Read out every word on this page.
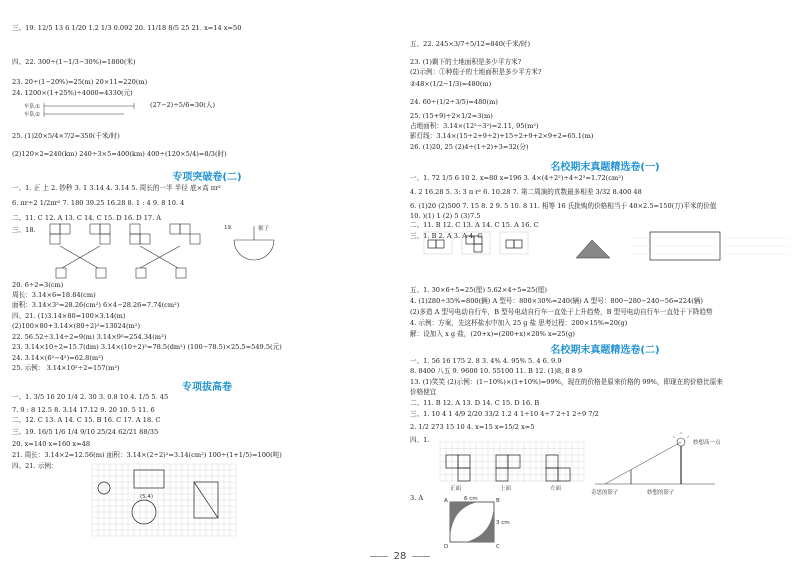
三、19. 12/5 13 6 1/20 1.2 1/3 0.092 20. 11/18 8/5 25 21. x=14 x=50
四、22. 300÷(1−1/3−30%)=1800(米)
23. 20÷(1−20%)=25(m) 20×11=220(m)
24. 1200×(1+25%)÷4000=4330(元)
车队①
车队②
(27−2)÷5/6=30(人)
25. (1)20×5/4×7/2=350(千米/时)
(2)120×2=240(km) 240÷3×5=400(km) 400÷(120×5/4)=8/3(时)
专项突破卷(二)
一、1. 正 上 2. 钞秒 3. 1 3.14 4. 3.14 5. 周长的一半 半径 底×高 πr²
6. πr÷2 1/2πr² 7. 180 39.25 16.28 8. 1 : 4 9. 8 10. 4
二、11. C 12. A 13. C 14. C 15. D 16. D 17. A
三、18.	19.	猴子
20. 6÷2=3(cm)
周长：3.14×6=18.84(cm)
面积：3.14×3²=28.26(cm²) 6×4−28.26=7.74(cm²)
四、21. (1)3.14×80=100×3.14(m)
(2)100×80+3.14×(80÷2)²=13024(m²)
22. 56.52÷3.14÷2=9(m) 3.14×9²=254.34(m²)
23. 3.14×10÷2=15.7(dm) 3.14×(10÷2)²=78.5(dm²) (100−78.5)×25.5=549.5(元)
24. 3.14×(6²−4²)=62.8(m²)
25. 示例： 3.14×10²÷2=157(m²)
专项拔高卷
一、1. 3/5 16 20 1/4 2. 30 3. 0.8 10 4. 1/5 5. 45
7. 9 : 8 12.5 8. 3.14 17.12 9. 20 10. 5 11. 6
二、12. C 13. A 14. C 15. B 16. C 17. A 18. C
三、19. 16/5 1/6 1/4 9/10 25/24 62/21 88/35
20. x=140 x=160 x=48
21. 周长：3.14×2=12.56(m) 面积：3.14×(2÷2)²=3.14(cm²) 100÷(1+1/5)=100(吨)
四、21. 示例：
(5,4)
五、22. 245×3/7÷5/12=840(千米/时)
23. (1)剩下的土地面积是多少平方米?
(2)示例：①种茄子的土地面积是多少平方米?
②48×(1/2−1/3)=480(m)
24. 60÷(1/2÷3/5)=480(m)
25. (15+9)÷2×1/2=3(m)
占地面积：3.14×(12²−3²)=2.11, 95(m²)
影灯线：3.14×(15÷2+9÷2)+15÷2+9+2×9+2=65.1(m)
26. (1)20, 25 (2)4÷(1÷2)+3=32(分)
名校期末真题精选卷(一)
一、1. 72 1/5 6 10 2. x=80 x=196 3. 4×(4÷2²)÷4÷2²=1.72(cm²)
4. 2 16.28 5. 3: 3 π r² 6. 10.28 7. 第二周演的真数最多相差 3/32 8.400 48
6. (1)20 (2)500 7. 15 8. 2 9. 5 10. 8 11. 相等 16 氏批购的价格相当于 40×2.5=150(万)平米的价值
10. )(1) 1 (2) 5 (3)7.5
二、11. B 12. C 13. A 14. C 15. A 16. C
三、1. B 2. A 3. A 4. C
五、1. 30×6÷5=25(厘) 5.62×4÷5=25(厘)
4. (1)280÷35%=800(辆) A 型号：800×30%=240(辆) A 型号：800−280−240−56=224(辆)
(2)多造 A 型号电动自行车，B 型号电动自行车一直处于上升趋势，B 型号电动自行车一直处于下降趋势
4. 示例：方案，先这杯盐水中加入 25 g 盐 思考过程：200×15%=20(g)
解：设加入 x g 盐，(20+x)=(200+x)×20% x=25(g)
名校期末真题精选卷(二)
一、1. 56 16 175 2. 8 3. 4% 4. 95% 5. 4 6. 9.9
8. 8400 八五 9. 9600 10. 55100 11. B 12. (1)8, 8 8 9
13. (1)笑笑 (2)示例：(1−10%)×(1+10%)=99%，现在的价格是原来价格的 99%，即现在的价格比原来
价格便宜
二、11. B 12. A 13. D 14. C 15. D 16. B
三、1. 10 4 1 4/9 2/20 33/2 1.2 4 1÷10 4÷7 2÷1 2÷9 7/2
2. 1/2 273 15 10 4. x=15 x=15/2 x=5
四、1.
正面	上面	左面
妙想高一点
奇思的影子	妙想的影子
3. A	6 cm
3 cm
A	B
C
D
28
